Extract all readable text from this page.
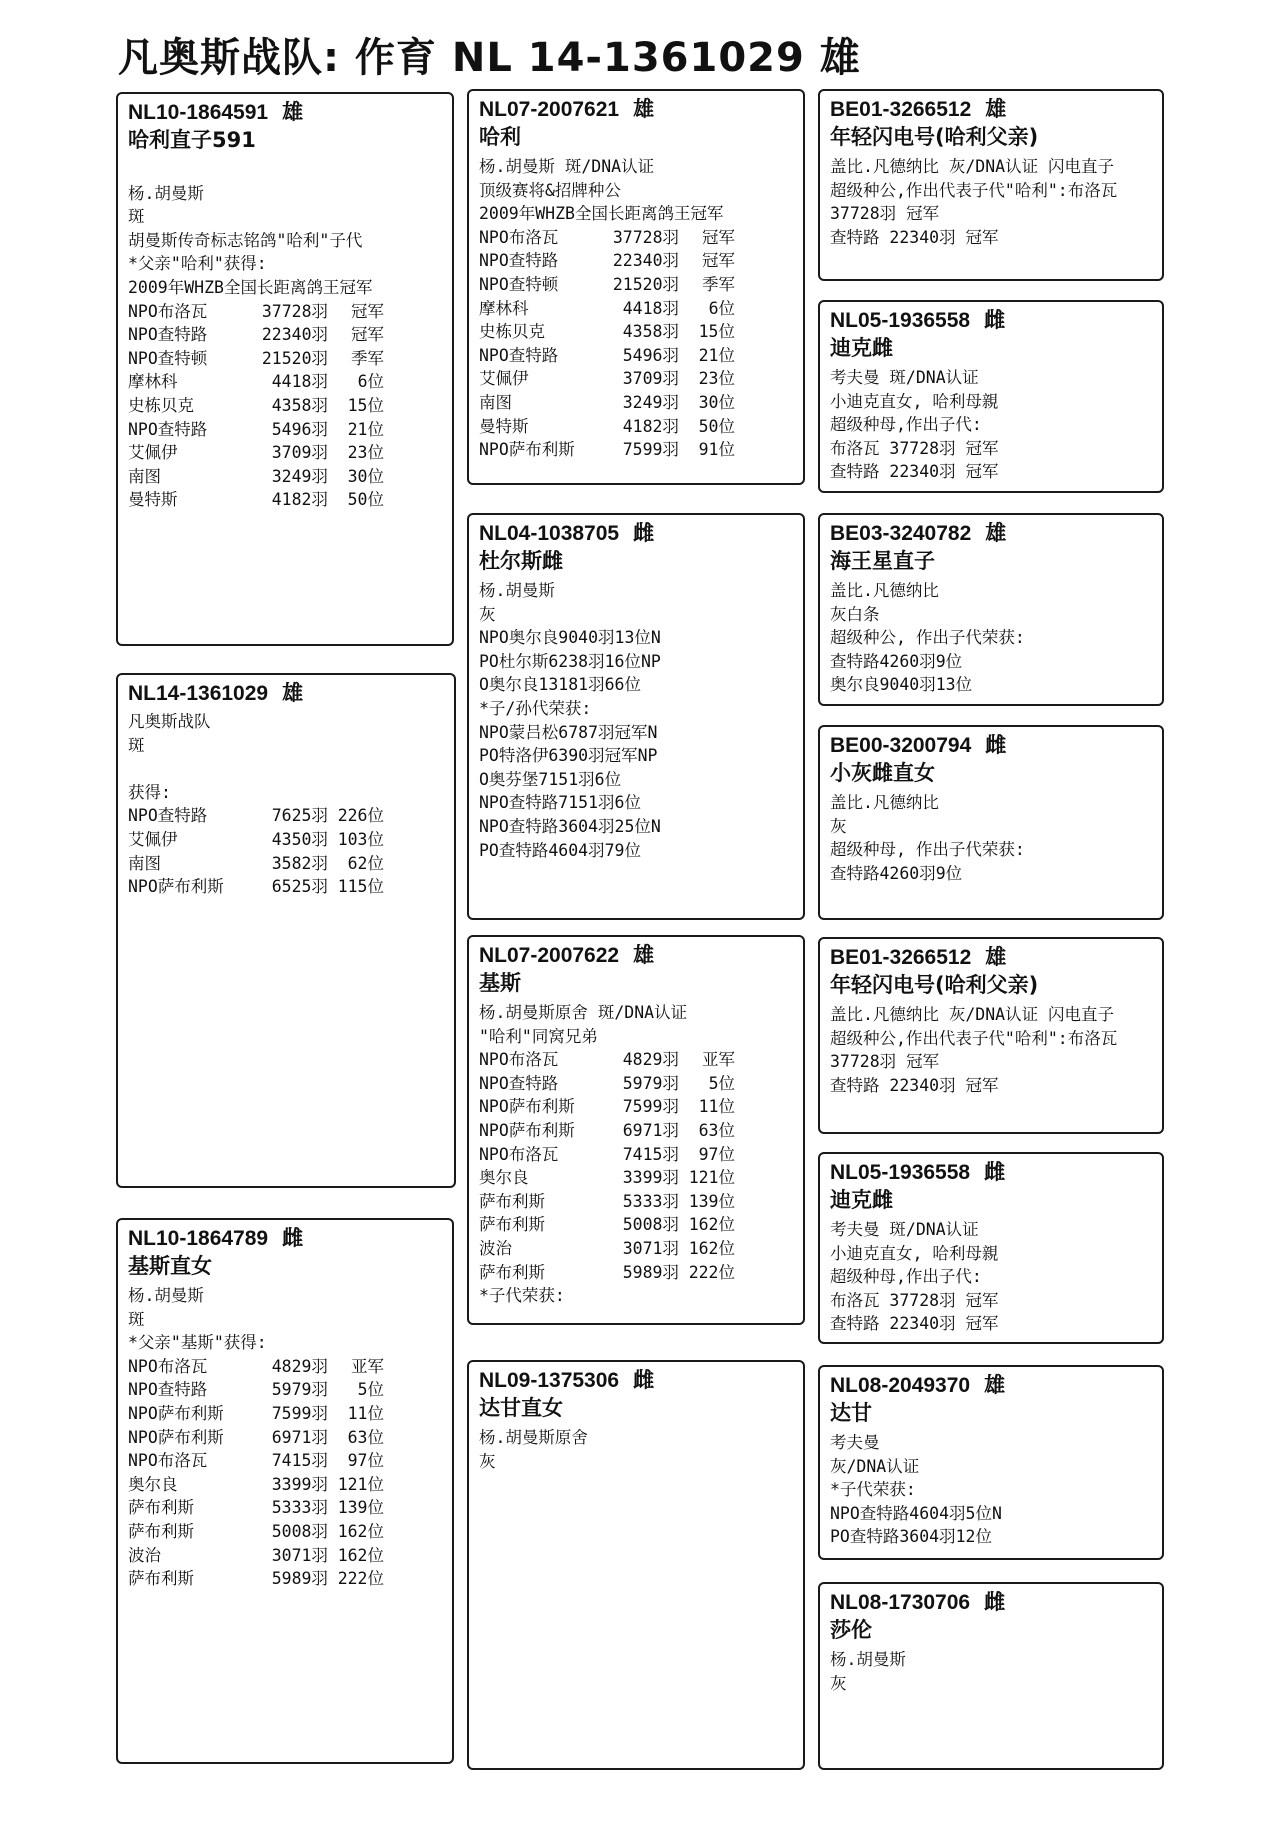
凡奥斯战队: 作育 NL 14-1361029 雄
NL10-1864591 雄
哈利直子591
杨.胡曼斯
斑
胡曼斯传奇标志铭鸽"哈利"子代
*父亲"哈利"获得:
2009年WHZB全国长距离鸽王冠军
NPO布洛瓦	37728羽	冠军
NPO查特路	22340羽	冠军
NPO查特顿	21520羽	季军
摩林科	4418羽	6位
史栋贝克	4358羽	15位
NPO查特路	5496羽	21位
艾佩伊	3709羽	23位
南图	3249羽	30位
曼特斯	4182羽	50位
NL14-1361029 雄
凡奥斯战队
斑
获得:
NPO查特路	7625羽 226位
艾佩伊	4350羽 103位
南图	3582羽	62位
NPO萨布利斯	6525羽 115位
NL10-1864789 雌
基斯直女
杨.胡曼斯
斑
*父亲"基斯"获得:
NPO布洛瓦	4829羽	亚军
NPO查特路	5979羽	5位
NPO萨布利斯	7599羽	11位
NPO萨布利斯	6971羽	63位
NPO布洛瓦	7415羽	97位
奥尔良	3399羽 121位
萨布利斯	5333羽 139位
萨布利斯	5008羽 162位
波治	3071羽 162位
萨布利斯	5989羽 222位
NL07-2007621 雄
哈利
杨.胡曼斯 斑/DNA认证
顶级赛将&招牌种公
2009年WHZB全国长距离鸽王冠军
NPO布洛瓦	37728羽	冠军
NPO查特路	22340羽	冠军
NPO查特顿	21520羽	季军
摩林科	4418羽	6位
史栋贝克	4358羽	15位
NPO查特路	5496羽	21位
艾佩伊	3709羽	23位
南图	3249羽	30位
曼特斯	4182羽	50位
NPO萨布利斯	7599羽	91位
NL04-1038705 雌
杜尔斯雌
杨.胡曼斯
灰
NPO奥尔良9040羽13位N
PO杜尔斯6238羽16位NP
O奥尔良13181羽66位
*子/孙代荣获:
NPO蒙吕松6787羽冠军N
PO特洛伊6390羽冠军NP
O奥芬堡7151羽6位
NPO查特路7151羽6位
NPO查特路3604羽25位N
PO查特路4604羽79位
NL07-2007622 雄
基斯
杨.胡曼斯原舍 斑/DNA认证
"哈利"同窝兄弟
NPO布洛瓦	4829羽	亚军
NPO查特路	5979羽	5位
NPO萨布利斯	7599羽	11位
NPO萨布利斯	6971羽	63位
NPO布洛瓦	7415羽	97位
奥尔良	3399羽 121位
萨布利斯	5333羽 139位
萨布利斯	5008羽 162位
波治	3071羽 162位
萨布利斯	5989羽 222位
*子代荣获:
NL09-1375306 雌
达甘直女
杨.胡曼斯原舍
灰
BE01-3266512 雄
年轻闪电号(哈利父亲)
盖比.凡德纳比 灰/DNA认证 闪电直子
超级种公,作出代表子代"哈利":布洛瓦 37728羽 冠军
查特路 22340羽 冠军
NL05-1936558 雌
迪克雌
考夫曼 斑/DNA认证
小迪克直女, 哈利母親
超级种母,作出子代:
布洛瓦 37728羽 冠军
查特路 22340羽 冠军
BE03-3240782 雄
海王星直子
盖比.凡德纳比
灰白条
超级种公, 作出子代荣获:
查特路4260羽9位
奥尔良9040羽13位
BE00-3200794 雌
小灰雌直女
盖比.凡德纳比
灰
超级种母, 作出子代荣获:
查特路4260羽9位
BE01-3266512 雄
年轻闪电号(哈利父亲)
盖比.凡德纳比 灰/DNA认证 闪电直子
超级种公,作出代表子代"哈利":布洛瓦 37728羽 冠军
查特路 22340羽 冠军
NL05-1936558 雌
迪克雌
考夫曼 斑/DNA认证
小迪克直女, 哈利母親
超级种母,作出子代:
布洛瓦 37728羽 冠军
查特路 22340羽 冠军
NL08-2049370 雄
达甘
考夫曼
灰/DNA认证
*子代荣获:
NPO查特路4604羽5位N
PO查特路3604羽12位
NL08-1730706 雌
莎伦
杨.胡曼斯
灰
